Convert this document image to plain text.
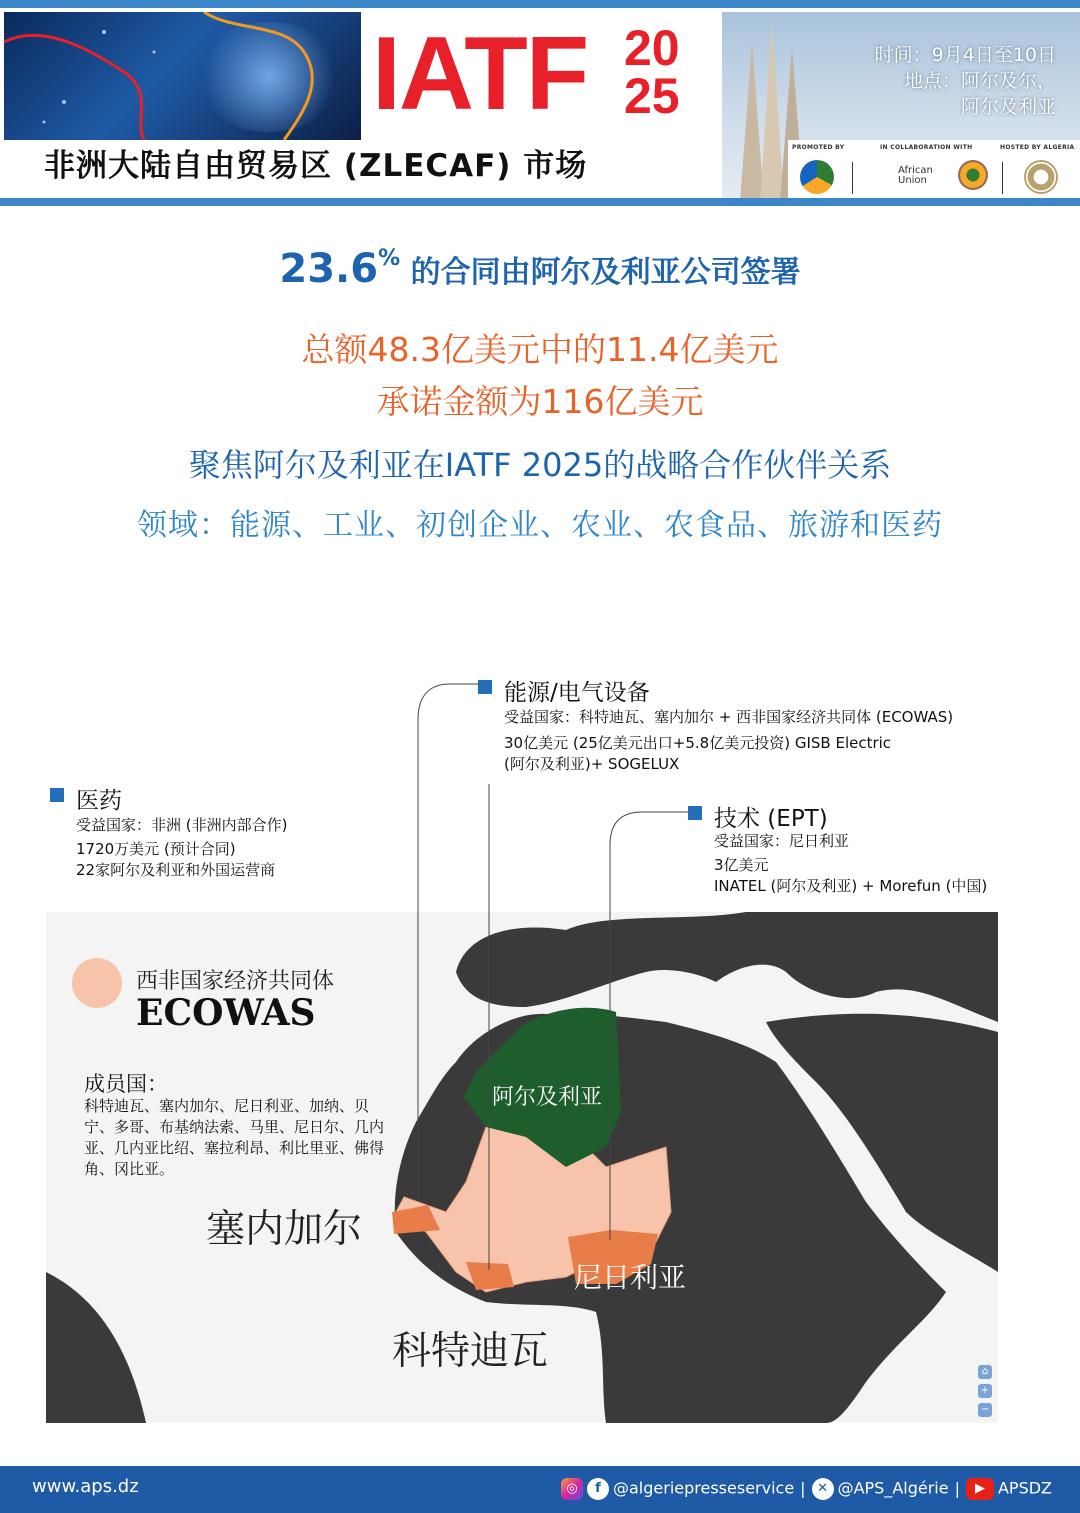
IATF 20
25
非洲大陆自由贸易区 (ZLECAF) 市场
时间：9月4日至10日
地点：阿尔及尔，
阿尔及利亚
PROMOTED BY	IN COLLABORATION WITH	HOSTED BY ALGERIA
African
Union
23.6% 的合同由阿尔及利亚公司签署
总额48.3亿美元中的11.4亿美元
承诺金额为116亿美元
聚焦阿尔及利亚在IATF 2025的战略合作伙伴关系
领域：能源、工业、初创企业、农业、农食品、旅游和医药
能源/电气设备
受益国家：科特迪瓦、塞内加尔 + 西非国家经济共同体 (ECOWAS)
30亿美元 (25亿美元出口+5.8亿美元投资) GISB Electric
(阿尔及利亚)+ SOGELUX
医药
受益国家：非洲 (非洲内部合作)
1720万美元 (预计合同)
22家阿尔及利亚和外国运营商
技术 (EPT)
受益国家：尼日利亚
3亿美元
INATEL (阿尔及利亚) + Morefun (中国)
西非国家经济共同体
ECOWAS
成员国：
科特迪瓦、塞内加尔、尼日利亚、加纳、贝宁、多哥、布基纳法索、马里、尼日尔、几内亚、几内亚比绍、塞拉利昂、利比里亚、佛得角、冈比亚。
阿尔及利亚
塞内加尔
尼日利亚
科特迪瓦	⌂
+
−
www.aps.dz	◎ f @algeriepresseservice | ✕ @APS_Algérie | ▶ APSDZ
